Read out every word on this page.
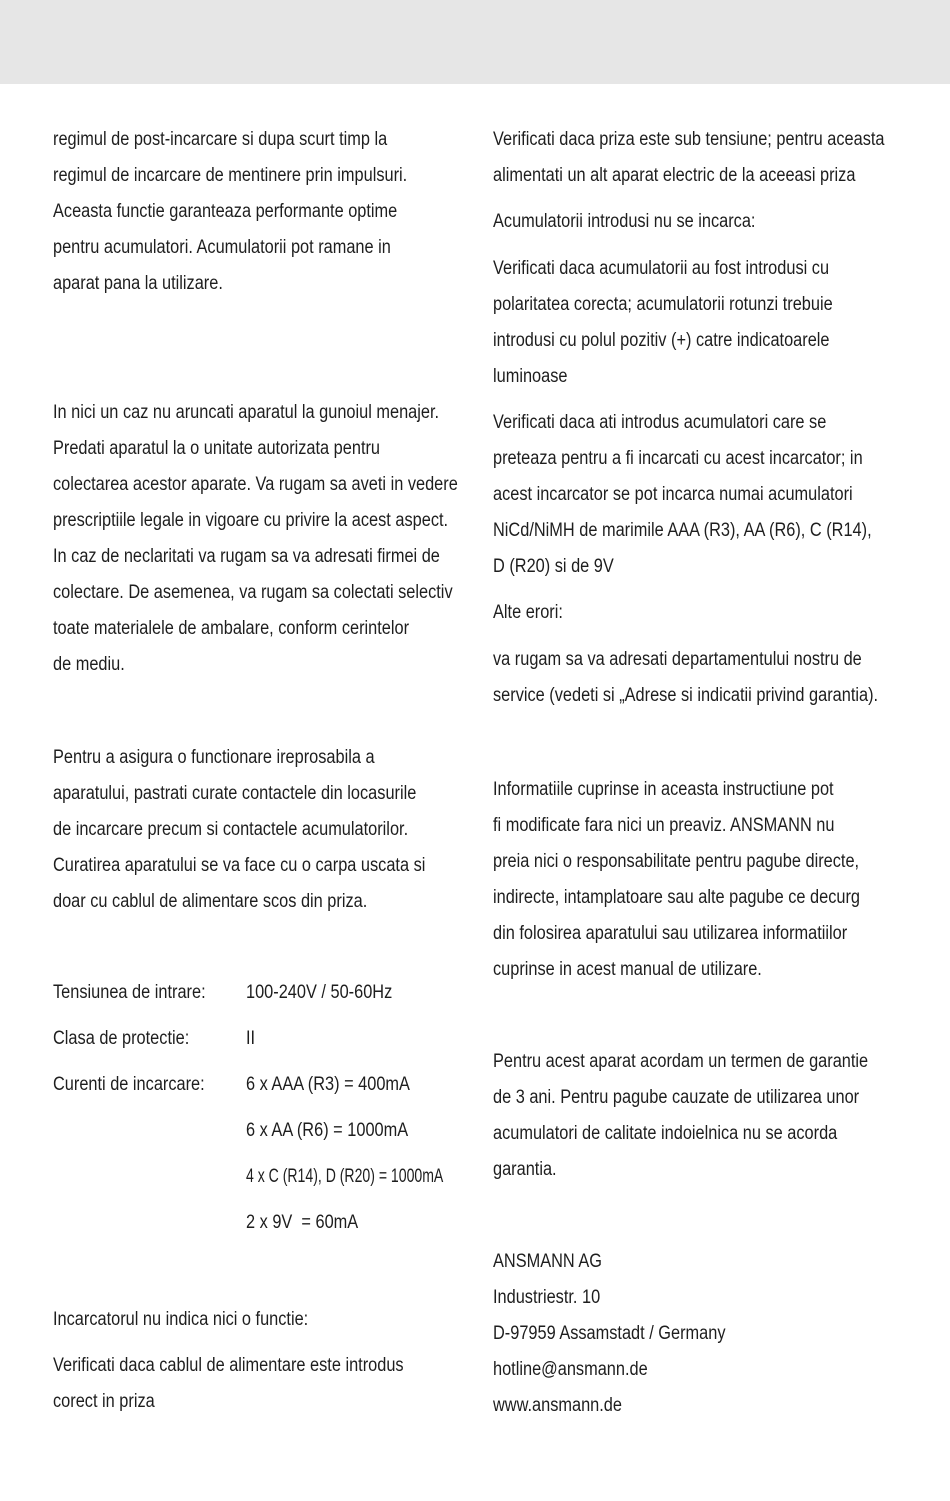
regimul de post-incarcare si dupa scurt timp la
regimul de incarcare de mentinere prin impulsuri.
Aceasta functie garanteaza performante optime
pentru acumulatori. Acumulatorii pot ramane in
aparat pana la utilizare.

In nici un caz nu aruncati aparatul la gunoiul menajer.
Predati aparatul la o unitate autorizata pentru
colectarea acestor aparate. Va rugam sa aveti in vedere
prescriptiile legale in vigoare cu privire la acest aspect.
In caz de neclaritati va rugam sa va adresati firmei de
colectare. De asemenea, va rugam sa colectati selectiv
toate materialele de ambalare, conform cerintelor
de mediu.

Pentru a asigura o functionare ireprosabila a
aparatului, pastrati curate contactele din locasurile
de incarcare precum si contactele acumulatorilor.
Curatirea aparatului se va face cu o carpa uscata si
doar cu cablul de alimentare scos din priza.

Tensiunea de intrare: 100-240V / 50-60Hz
Clasa de protectie:	II
Curenti de incarcare: 6 x AAA (R3) = 400mA
6 x AA (R6) = 1000mA
4 x C (R14), D (R20) = 1000mA
2 x 9V  = 60mA

Incarcatorul nu indica nici o functie:

Verificati daca cablul de alimentare este introdus
corect in priza

Verificati daca priza este sub tensiune; pentru aceasta
alimentati un alt aparat electric de la aceeasi priza

Acumulatorii introdusi nu se incarca:

Verificati daca acumulatorii au fost introdusi cu
polaritatea corecta; acumulatorii rotunzi trebuie
introdusi cu polul pozitiv (+) catre indicatoarele
luminoase

Verificati daca ati introdus acumulatori care se
preteaza pentru a fi incarcati cu acest incarcator; in
acest incarcator se pot incarca numai acumulatori
NiCd/NiMH de marimile AAA (R3), AA (R6), C (R14),
D (R20) si de 9V

Alte erori:

va rugam sa va adresati departamentului nostru de
service (vedeti si „Adrese si indicatii privind garantia).

Informatiile cuprinse in aceasta instructiune pot
fi modificate fara nici un preaviz. ANSMANN nu
preia nici o responsabilitate pentru pagube directe,
indirecte, intamplatoare sau alte pagube ce decurg
din folosirea aparatului sau utilizarea informatiilor
cuprinse in acest manual de utilizare.

Pentru acest aparat acordam un termen de garantie
de 3 ani. Pentru pagube cauzate de utilizarea unor
acumulatori de calitate indoielnica nu se acorda
garantia.

ANSMANN AG
Industriestr. 10
D-97959 Assamstadt / Germany
hotline@ansmann.de
www.ansmann.de
